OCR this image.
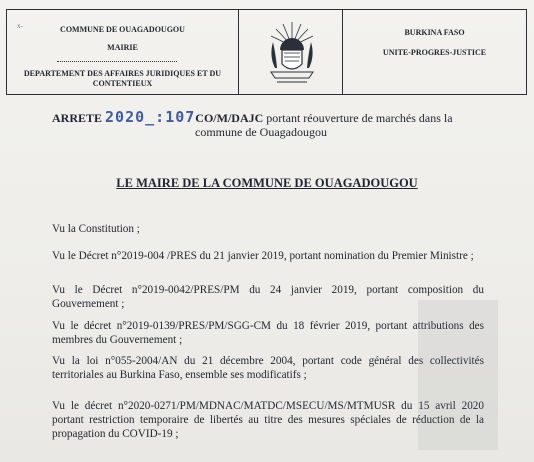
x-	COMMUNE DE OUAGADOUGOU
MAIRIE
DEPARTEMENT DES AFFAIRES JURIDIQUES ET DU CONTENTIEUX
BURKINA FASO
UNITE-PROGRES-JUSTICE
ARRETE 2020_:107CO/M/DAJC portant réouverture de marchés dans la
commune de Ouagadougou
LE MAIRE DE LA COMMUNE DE OUAGADOUGOU
Vu la Constitution ;
Vu le Décret n°2019-004 /PRES du 21 janvier 2019, portant nomination du Premier Ministre ;
Vu le Décret n°2019-0042/PRES/PM du 24 janvier 2019, portant composition du Gouvernement ;
Vu le décret n°2019-0139/PRES/PM/SGG-CM du 18 février 2019, portant attributions des membres du Gouvernement ;
Vu la loi n°055-2004/AN du 21 décembre 2004, portant code général des collectivités territoriales au Burkina Faso, ensemble ses modificatifs ;
Vu le décret n°2020-0271/PM/MDNAC/MATDC/MSECU/MS/MTMUSR du 15 avril 2020 portant restriction temporaire de libertés au titre des mesures spéciales de réduction de la propagation du COVID-19 ;
